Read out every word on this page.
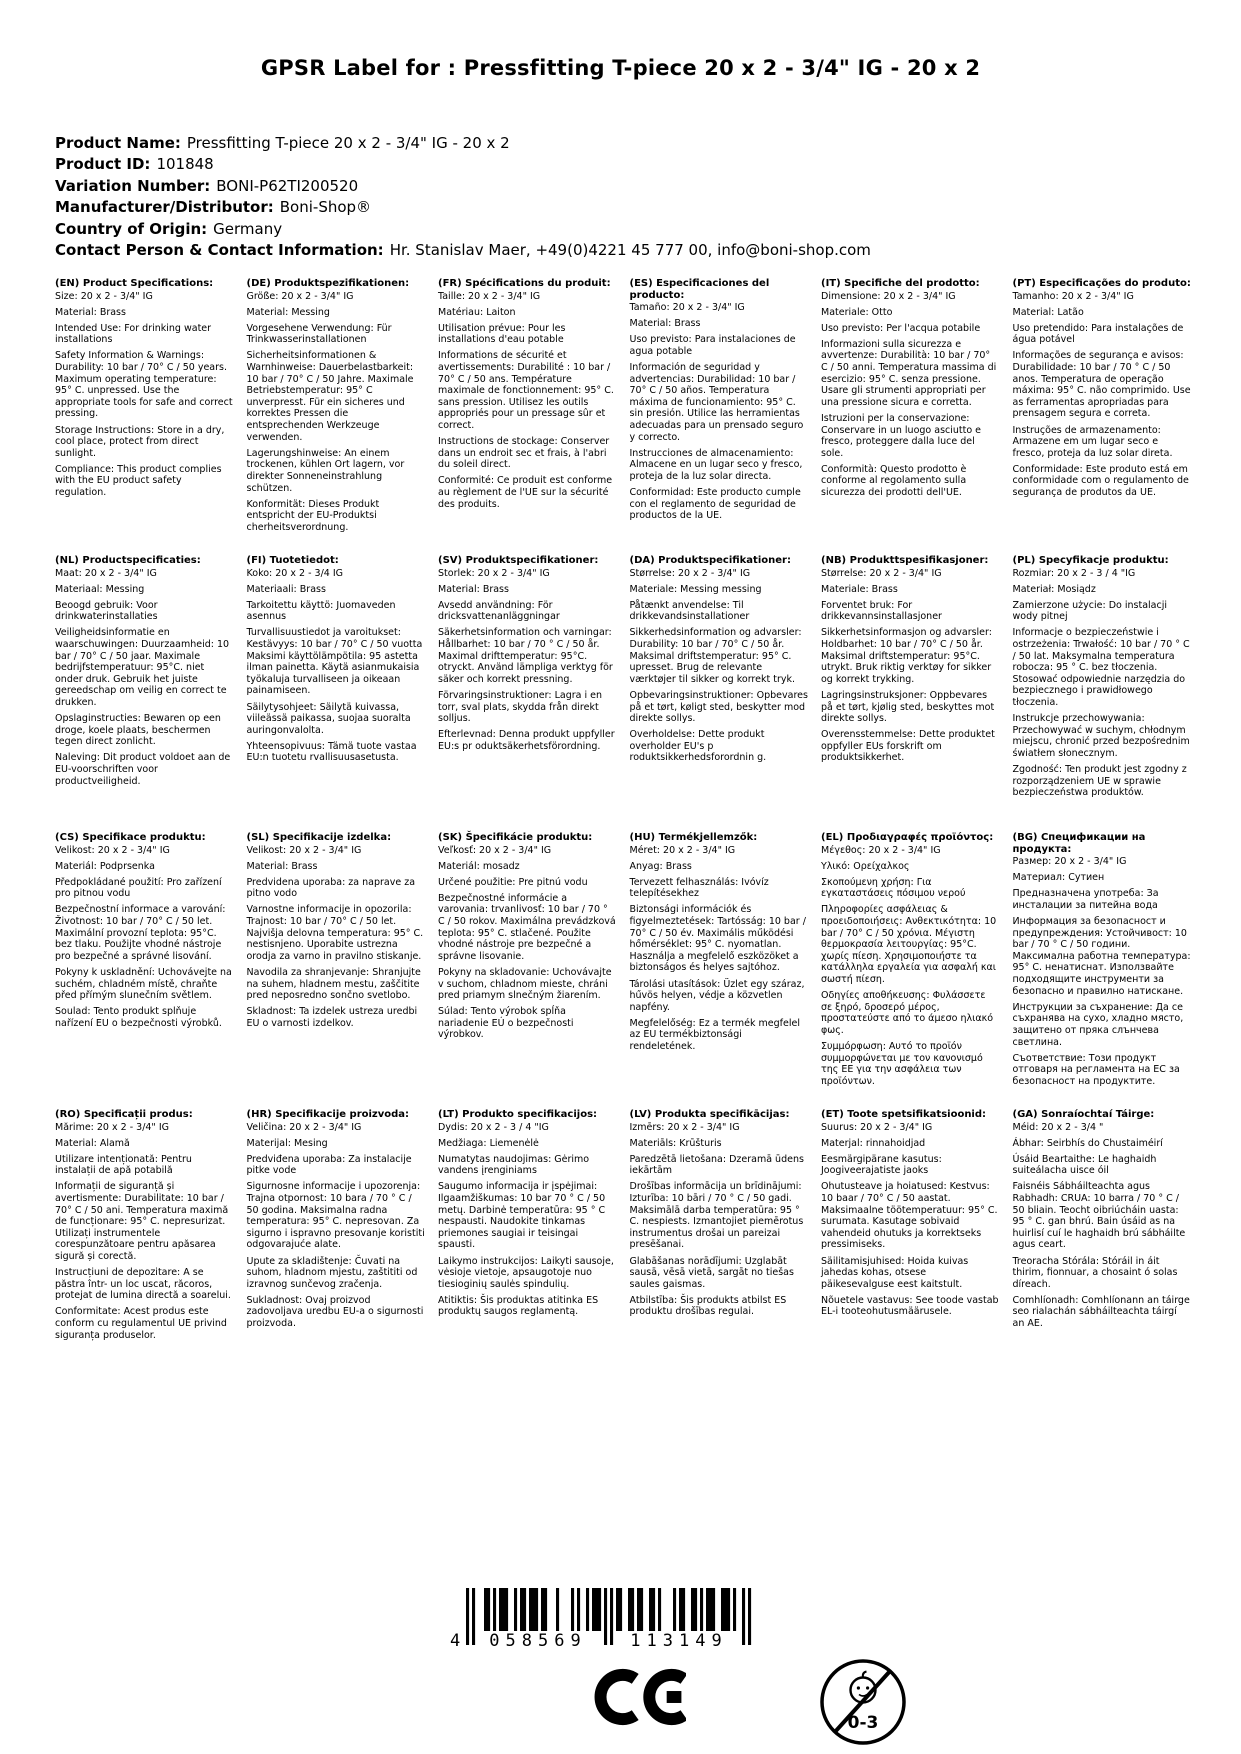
GPSR Label for : Pressfitting T-piece 20 x 2 - 3/4" IG - 20 x 2
Product Name: Pressfitting T-piece 20 x 2 - 3/4" IG - 20 x 2
Product ID: 101848
Variation Number: BONI-P62TI200520
Manufacturer/Distributor: Boni-Shop®
Country of Origin: Germany
Contact Person & Contact Information: Hr. Stanislav Maer, +49(0)4221 45 777 00, info@boni-shop.com
(EN) Product Specifications:

Size: 20 x 2 - 3/4" IG

Material: Brass

Intended Use: For drinking water installations

Safety Information & Warnings: Durability: 10 bar / 70° C / 50 years. Maximum operating temperature: 95° C. unpressed. Use the appropriate tools for safe and correct pressing.

Storage Instructions: Store in a dry, cool place, protect from direct sunlight.

Compliance: This product complies with the EU product safety regulation.

(DE) Produktspezifikationen:

Größe: 20 x 2 - 3/4" IG

Material: Messing

Vorgesehene Verwendung: Für Trinkwasserinstallationen

Sicherheitsinformationen & Warnhinweise: Dauerbelastbarkeit: 10 bar / 70° C / 50 Jahre. Maximale Betriebstemperatur: 95° C unverpresst. Für ein sicheres und korrektes Pressen die entsprechenden Werkzeuge verwenden.

Lagerungshinweise: An einem trockenen, kühlen Ort lagern, vor direkter Sonneneinstrahlung schützen.

Konformität: Dieses Produkt entspricht der EU-Produktsi cherheitsverordnung.

(FR) Spécifications du produit:

Taille: 20 x 2 - 3/4" IG

Matériau: Laiton

Utilisation prévue: Pour les installations d'eau potable

Informations de sécurité et avertissements: Durabilité : 10 bar / 70° C / 50 ans. Température maximale de fonctionnement: 95° C. sans pression. Utilisez les outils appropriés pour un pressage sûr et correct.

Instructions de stockage: Conserver dans un endroit sec et frais, à l'abri du soleil direct.

Conformité: Ce produit est conforme au règlement de l'UE sur la sécurité des produits.

(ES) Especificaciones del producto:

Tamaño: 20 x 2 - 3/4" IG

Material: Brass

Uso previsto: Para instalaciones de agua potable

Información de seguridad y advertencias: Durabilidad: 10 bar / 70° C / 50 años. Temperatura máxima de funcionamiento: 95° C. sin presión. Utilice las herramientas adecuadas para un prensado seguro y correcto.

Instrucciones de almacenamiento: Almacene en un lugar seco y fresco, proteja de la luz solar directa.

Conformidad: Este producto cumple con el reglamento de seguridad de productos de la UE.

(IT) Specifiche del prodotto:

Dimensione: 20 x 2 - 3/4" IG

Materiale: Otto

Uso previsto: Per l'acqua potabile

Informazioni sulla sicurezza e avvertenze: Durabilità: 10 bar / 70° C / 50 anni. Temperatura massima di esercizio: 95° C. senza pressione. Usare gli strumenti appropriati per una pressione sicura e corretta.

Istruzioni per la conservazione: Conservare in un luogo asciutto e fresco, proteggere dalla luce del sole.

Conformità: Questo prodotto è conforme al regolamento sulla sicurezza dei prodotti dell'UE.

(PT) Especificações do produto:

Tamanho: 20 x 2 - 3/4" IG

Material: Latão

Uso pretendido: Para instalações de água potável

Informações de segurança e avisos: Durabilidade: 10 bar / 70 ° C / 50 anos. Temperatura de operação máxima: 95° C. não comprimido. Use as ferramentas apropriadas para prensagem segura e correta.

Instruções de armazenamento: Armazene em um lugar seco e fresco, proteja da luz solar direta.

Conformidade: Este produto está em conformidade com o regulamento de segurança de produtos da UE.

(NL) Productspecificaties:

Maat: 20 x 2 - 3/4" IG

Materiaal: Messing

Beoogd gebruik: Voor drinkwaterinstallaties

Veiligheidsinformatie en waarschuwingen: Duurzaamheid: 10 bar / 70° C / 50 jaar. Maximale bedrijfstemperatuur: 95°C. niet onder druk. Gebruik het juiste gereedschap om veilig en correct te drukken.

Opslaginstructies: Bewaren op een droge, koele plaats, beschermen tegen direct zonlicht.

Naleving: Dit product voldoet aan de EU-voorschriften voor productveiligheid.

(FI) Tuotetiedot:

Koko: 20 x 2 - 3/4 IG

Materiaali: Brass

Tarkoitettu käyttö: Juomaveden asennus

Turvallisuustiedot ja varoitukset: Kestävyys: 10 bar / 70° C / 50 vuotta Maksimi käyttölämpötila: 95 astetta ilman painetta. Käytä asianmukaisia työkaluja turvalliseen ja oikeaan painamiseen.

Säilytysohjeet: Säilytä kuivassa, viileässä paikassa, suojaa suoralta auringonvalolta.

Yhteensopivuus: Tämä tuote vastaa EU:n tuotetu rvallisuusasetusta.

(SV) Produktspecifikationer:

Storlek: 20 x 2 - 3/4" IG

Material: Brass

Avsedd användning: För dricksvattenanläggningar

Säkerhetsinformation och varningar: Hållbarhet: 10 bar / 70 ° C / 50 år. Maximal drifttemperatur: 95°C. otryckt. Använd lämpliga verktyg för säker och korrekt pressning.

Förvaringsinstruktioner: Lagra i en torr, sval plats, skydda från direkt solljus.

Efterlevnad: Denna produkt uppfyller EU:s pr oduktsäkerhetsförordning.

(DA) Produktspecifikationer:

Størrelse: 20 x 2 - 3/4" IG

Materiale: Messing messing

Påtænkt anvendelse: Til drikkevandsinstallationer

Sikkerhedsinformation og advarsler: Durability: 10 bar / 70° C / 50 år. Maksimal driftstemperatur: 95° C. upresset. Brug de relevante værktøjer til sikker og korrekt tryk.

Opbevaringsinstruktioner: Opbevares på et tørt, køligt sted, beskytter mod direkte sollys.

Overholdelse: Dette produkt overholder EU's p roduktsikkerhedsforordnin g.

(NB) Produkttspesifikasjoner:

Størrelse: 20 x 2 - 3/4" IG

Materiale: Brass

Forventet bruk: For drikkevannsinstallasjoner

Sikkerhetsinformasjon og advarsler: Holdbarhet: 10 bar / 70° C / 50 år. Maksimal driftstemperatur: 95°C. utrykt. Bruk riktig verktøy for sikker og korrekt trykking.

Lagringsinstruksjoner: Oppbevares på et tørt, kjølig sted, beskyttes mot direkte sollys.

Overensstemmelse: Dette produktet oppfyller EUs forskrift om produktsikkerhet.

(PL) Specyfikacje produktu:

Rozmiar: 20 x 2 - 3 / 4 "IG

Materiał: Mosiądz

Zamierzone użycie: Do instalacji wody pitnej

Informacje o bezpieczeństwie i ostrzeżenia: Trwałość: 10 bar / 70 ° C / 50 lat. Maksymalna temperatura robocza: 95 ° C. bez tłoczenia. Stosować odpowiednie narzędzia do bezpiecznego i prawidłowego tłoczenia.

Instrukcje przechowywania: Przechowywać w suchym, chłodnym miejscu, chronić przed bezpośrednim światłem słonecznym.

Zgodność: Ten produkt jest zgodny z rozporządzeniem UE w sprawie bezpieczeństwa produktów.

(CS) Specifikace produktu:

Velikost: 20 x 2 - 3/4" IG

Materiál: Podprsenka

Předpokládané použití: Pro zařízení pro pitnou vodu

Bezpečnostní informace a varování: Životnost: 10 bar / 70° C / 50 let. Maximální provozní teplota: 95°C. bez tlaku. Použijte vhodné nástroje pro bezpečné a správné lisování.

Pokyny k uskladnění: Uchovávejte na suchém, chladném místě, chraňte před přímým slunečním světlem.

Soulad: Tento produkt splňuje nařízení EU o bezpečnosti výrobků.

(SL) Specifikacije izdelka:

Velikost: 20 x 2 - 3/4" IG

Material: Brass

Predvidena uporaba: za naprave za pitno vodo

Varnostne informacije in opozorila: Trajnost: 10 bar / 70° C / 50 let. Najvišja delovna temperatura: 95° C. nestisnjeno. Uporabite ustrezna orodja za varno in pravilno stiskanje.

Navodila za shranjevanje: Shranjujte na suhem, hladnem mestu, zaščitite pred neposredno sončno svetlobo.

Skladnost: Ta izdelek ustreza uredbi EU o varnosti izdelkov.

(SK) Špecifikácie produktu:

Veľkosť: 20 x 2 - 3/4" IG

Materiál: mosadz

Určené použitie: Pre pitnú vodu

Bezpečnostné informácie a varovania: trvanlivosť: 10 bar / 70 ° C / 50 rokov. Maximálna prevádzková teplota: 95° C. stlačené. Použite vhodné nástroje pre bezpečné a správne lisovanie.

Pokyny na skladovanie: Uchovávajte v suchom, chladnom mieste, chráni pred priamym slnečným žiarením.

Súlad: Tento výrobok spĺňa nariadenie EÚ o bezpečnosti výrobkov.

(HU) Termékjellemzők:

Méret: 20 x 2 - 3/4" IG

Anyag: Brass

Tervezett felhasználás: Ivóvíz telepítésekhez

Biztonsági információk és figyelmeztetések: Tartósság: 10 bar / 70° C / 50 év. Maximális működési hőmérséklet: 95° C. nyomatlan. Használja a megfelelő eszközöket a biztonságos és helyes sajtóhoz.

Tárolási utasítások: Üzlet egy száraz, hűvös helyen, védje a közvetlen napfény.

Megfelelőség: Ez a termék megfelel az EU termékbiztonsági rendeletének.

(EL) Προδιαγραφές προϊόντος:

Μέγεθος: 20 x 2 - 3/4" IG

Υλικό: Ορείχαλκος

Σκοπούμενη χρήση: Για εγκαταστάσεις πόσιμου νερού

Πληροφορίες ασφάλειας & προειδοποιήσεις: Ανθεκτικότητα: 10 bar / 70° C / 50 χρόνια. Μέγιστη θερμοκρασία λειτουργίας: 95°C. χωρίς πίεση. Χρησιμοποιήστε τα κατάλληλα εργαλεία για ασφαλή και σωστή πίεση.

Οδηγίες αποθήκευσης: Φυλάσσετε σε ξηρό, δροσερό μέρος, προστατεύστε από το άμεσο ηλιακό φως.

Συμμόρφωση: Αυτό το προϊόν συμμορφώνεται με τον κανονισμό της ΕΕ για την ασφάλεια των προϊόντων.

(BG) Спецификации на продукта:

Размер: 20 x 2 - 3/4" IG

Материал: Сутиен

Предназначена употреба: За инсталации за питейна вода

Информация за безопасност и предупреждения: Устойчивост: 10 bar / 70 ° C / 50 години. Максимална работна температура: 95° C. ненатиснат. Използвайте подходящите инструменти за безопасно и правилно натискане.

Инструкции за съхранение: Да се съхранява на сухо, хладно място, защитено от пряка слънчева светлина.

Съответствие: Този продукт отговаря на регламента на ЕС за безопасност на продуктите.

(RO) Specificații produs:

Mărime: 20 x 2 - 3/4" IG

Material: Alamă

Utilizare intenționată: Pentru instalații de apă potabilă

Informații de siguranță și avertismente: Durabilitate: 10 bar / 70° C / 50 ani. Temperatura maximă de funcționare: 95° C. nepresurizat. Utilizați instrumentele corespunzătoare pentru apăsarea sigură și corectă.

Instrucțiuni de depozitare: A se păstra într- un loc uscat, răcoros, protejat de lumina directă a soarelui.

Conformitate: Acest produs este conform cu regulamentul UE privind siguranța produselor.

(HR) Specifikacije proizvoda:

Veličina: 20 x 2 - 3/4" IG

Materijal: Mesing

Predviđena uporaba: Za instalacije pitke vode

Sigurnosne informacije i upozorenja: Trajna otpornost: 10 bara / 70 ° C / 50 godina. Maksimalna radna temperatura: 95° C. nepresovan. Za sigurno i ispravno presovanje koristiti odgovarajuće alate.

Upute za skladištenje: Čuvati na suhom, hladnom mjestu, zaštititi od izravnog sunčevog zračenja.

Sukladnost: Ovaj proizvod zadovoljava uredbu EU-a o sigurnosti proizvoda.

(LT) Produkto specifikacijos:

Dydis: 20 x 2 - 3 / 4 "IG

Medžiaga: Liemenėlė

Numatytas naudojimas: Gėrimo vandens įrenginiams

Saugumo informacija ir įspėjimai: Ilgaamžiškumas: 10 bar 70 ° C / 50 metų. Darbinė temperatūra: 95 ° C nespausti. Naudokite tinkamas priemones saugiai ir teisingai spausti.

Laikymo instrukcijos: Laikyti sausoje, vėsioje vietoje, apsaugotoje nuo tiesioginių saulės spindulių.

Atitiktis: Šis produktas atitinka ES produktų saugos reglamentą.

(LV) Produkta specifikācijas:

Izmērs: 20 x 2 - 3/4" IG

Materiāls: Krūšturis

Paredzētā lietošana: Dzeramā ūdens iekārtām

Drošības informācija un brīdinājumi: Izturība: 10 bāri / 70 ° C / 50 gadi. Maksimālā darba temperatūra: 95 ° C. nespiests. Izmantojiet piemērotus instrumentus drošai un pareizai presēšanai.

Glabāšanas norādījumi: Uzglabāt sausā, vēsā vietā, sargāt no tiešas saules gaismas.

Atbilstība: Šis produkts atbilst ES produktu drošības regulai.

(ET) Toote spetsifikatsioonid:

Suurus: 20 x 2 - 3/4" IG

Materjal: rinnahoidjad

Eesmärgipärane kasutus: Joogiveerajatiste jaoks

Ohutusteave ja hoiatused: Kestvus: 10 baar / 70° C / 50 aastat. Maksimaalne töötemperatuur: 95° C. surumata. Kasutage sobivaid vahendeid ohutuks ja korrektseks pressimiseks.

Säilitamisjuhised: Hoida kuivas jahedas kohas, otsese päikesevalguse eest kaitstult.

Nõuetele vastavus: See toode vastab EL-i tooteohutusmäärusele.

(GA) Sonraíochtaí Táirge:

Méid: 20 x 2 - 3/4 "

Ábhar: Seirbhís do Chustaiméirí

Úsáid Beartaithe: Le haghaidh suiteálacha uisce óil

Faisnéis Sábháilteachta agus Rabhadh: CRUA: 10 barra / 70 ° C / 50 bliain. Teocht oibriúcháin uasta: 95 ° C. gan bhrú. Bain úsáid as na huirlisí cuí le haghaidh brú sábháilte agus ceart.

Treoracha Stórála: Stóráil in áit thirim, fionnuar, a chosaint ó solas díreach.

Comhlíonadh: Comhlíonann an táirge seo rialachán sábháilteachta táirgí an AE.

4 058569	113149
0-3
